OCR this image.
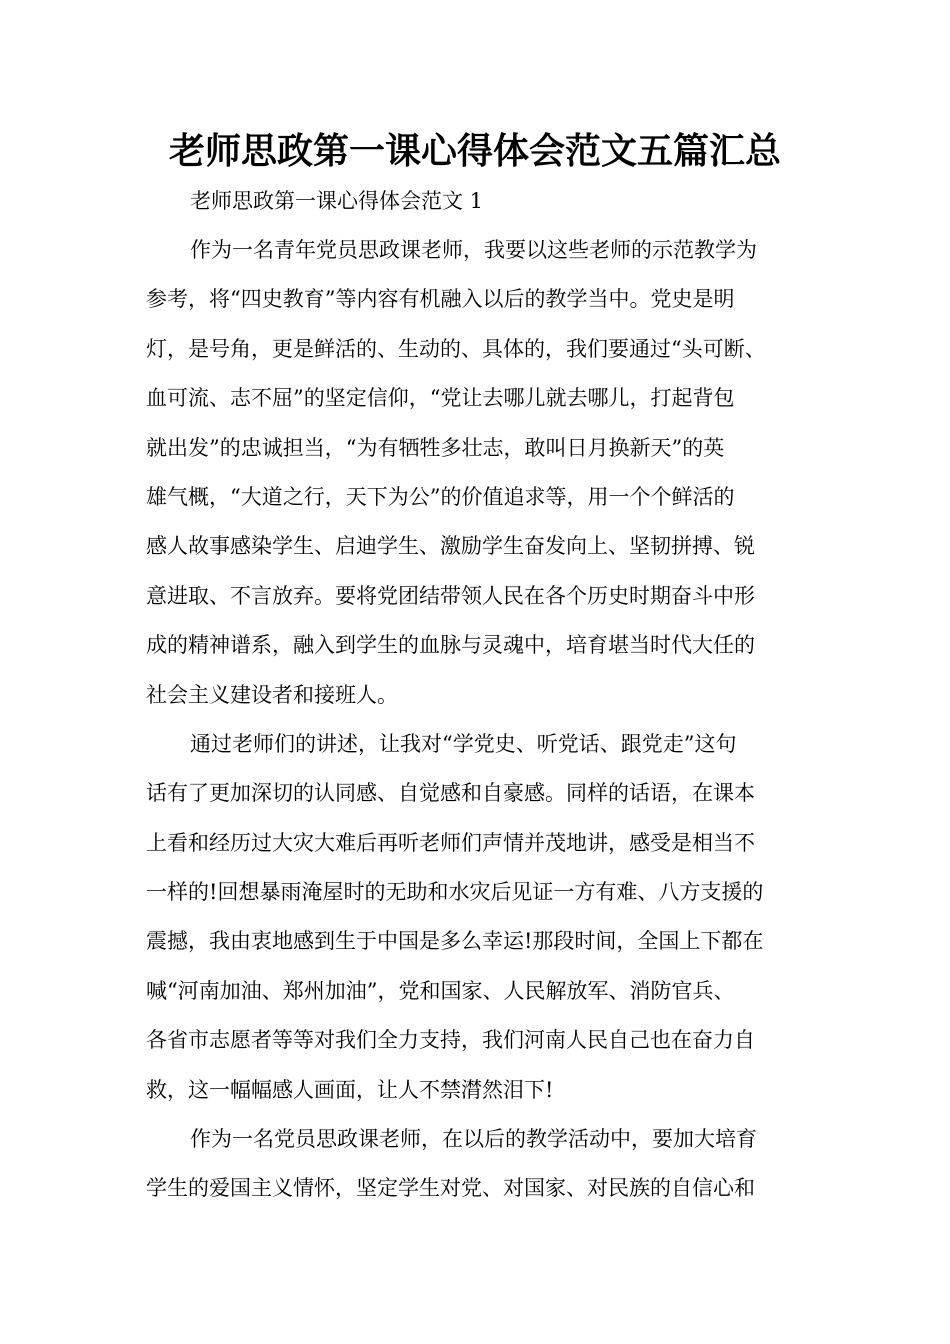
老师思政第一课心得体会范文五篇汇总

老师思政第一课心得体会范文 1

作为一名青年党员思政课老师，我要以这些老师的示范教学为
参考，将“四史教育”等内容有机融入以后的教学当中。党史是明
灯，是号角，更是鲜活的、生动的、具体的，我们要通过“头可断、
血可流、志不屈”的坚定信仰，“党让去哪儿就去哪儿，打起背包
就出发”的忠诚担当，“为有牺牲多壮志，敢叫日月换新天”的英
雄气概，“大道之行，天下为公”的价值追求等，用一个个鲜活的
感人故事感染学生、启迪学生、激励学生奋发向上、坚韧拼搏、锐
意进取、不言放弃。要将党团结带领人民在各个历史时期奋斗中形
成的精神谱系，融入到学生的血脉与灵魂中，培育堪当时代大任的
社会主义建设者和接班人。

通过老师们的讲述，让我对“学党史、听党话、跟党走”这句
话有了更加深切的认同感、自觉感和自豪感。同样的话语，在课本
上看和经历过大灾大难后再听老师们声情并茂地讲，感受是相当不
一样的!回想暴雨淹屋时的无助和水灾后见证一方有难、八方支援的
震撼，我由衷地感到生于中国是多么幸运!那段时间，全国上下都在
喊“河南加油、郑州加油”，党和国家、人民解放军、消防官兵、
各省市志愿者等等对我们全力支持，我们河南人民自己也在奋力自
救，这一幅幅感人画面，让人不禁潸然泪下!

作为一名党员思政课老师，在以后的教学活动中，要加大培育
学生的爱国主义情怀，坚定学生对党、对国家、对民族的自信心和
